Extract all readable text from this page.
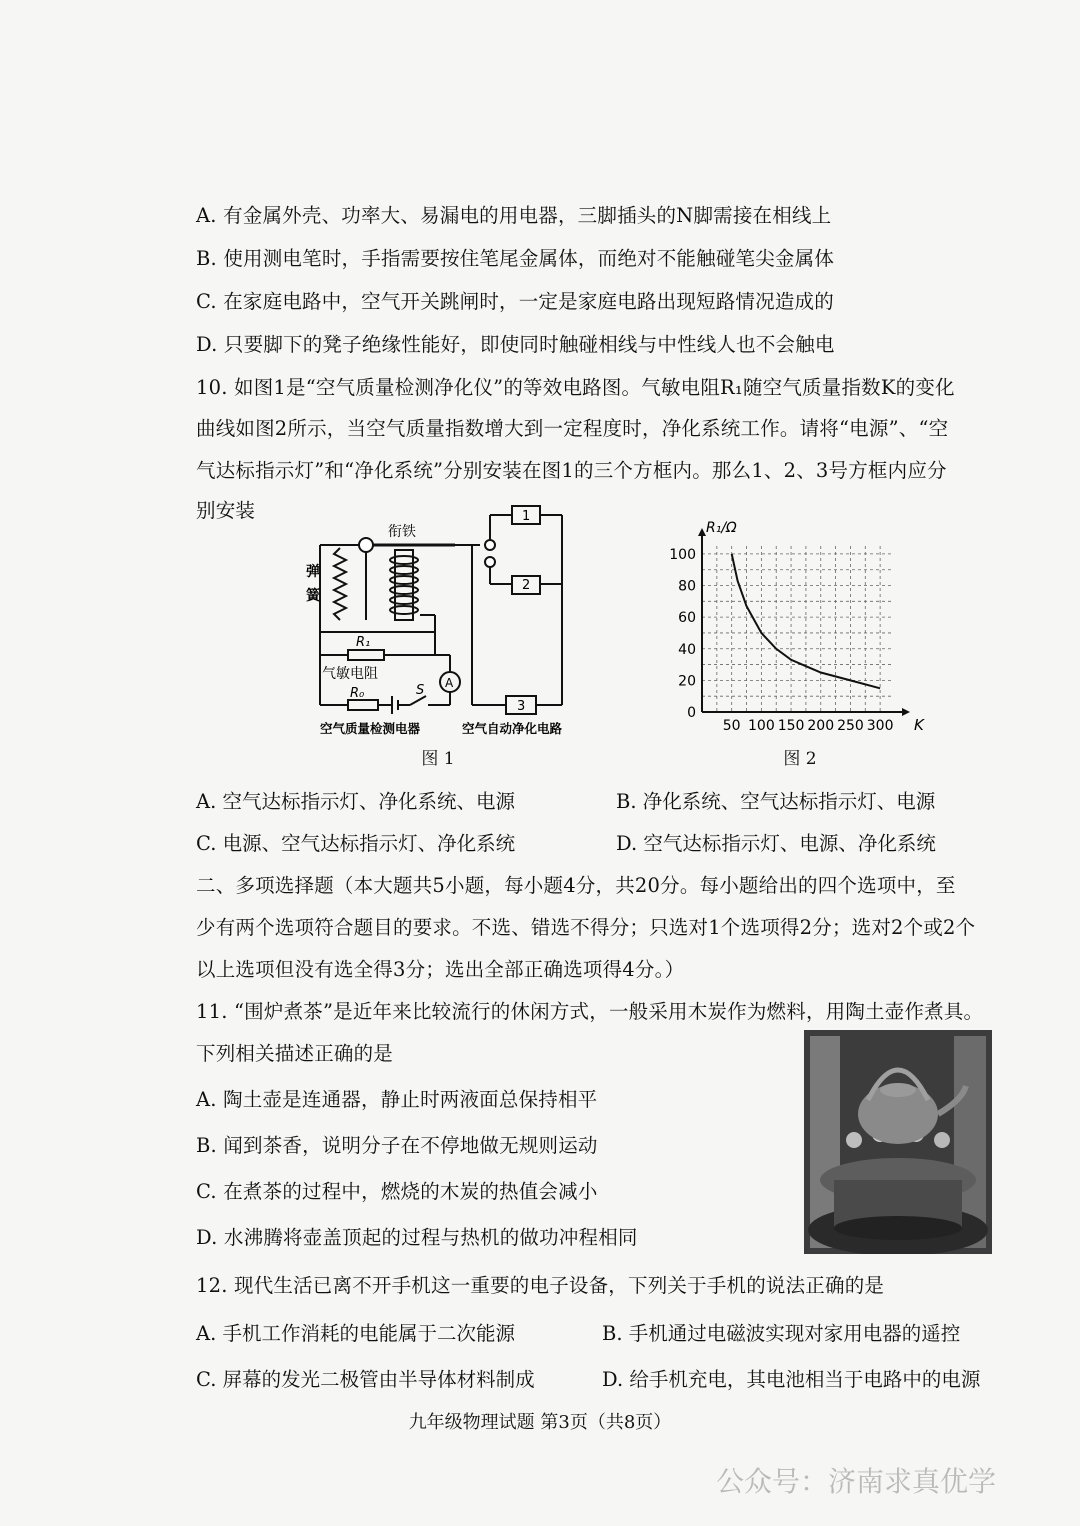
A. 有金属外壳、功率大、易漏电的用电器，三脚插头的N脚需接在相线上
B. 使用测电笔时，手指需要按住笔尾金属体，而绝对不能触碰笔尖金属体
C. 在家庭电路中，空气开关跳闸时，一定是家庭电路出现短路情况造成的
D. 只要脚下的凳子绝缘性能好，即使同时触碰相线与中性线人也不会触电
10. 如图1是“空气质量检测净化仪”的等效电路图。气敏电阻R₁随空气质量指数K的变化
曲线如图2所示，当空气质量指数增大到一定程度时，净化系统工作。请将“电源”、“空
气达标指示灯”和“净化系统”分别安装在图1的三个方框内。那么1、2、3号方框内应分
别安装
衔铁
弹
簧
R₁
气敏电阻
R₀	S A
1
2
3
空气质量检测电器	空气自动净化电路
图 1
0
20
40
60
80
100
50 100 150 200 250 300
R₁/Ω
K
图 2
A. 空气达标指示灯、净化系统、电源	B. 净化系统、空气达标指示灯、电源
C. 电源、空气达标指示灯、净化系统	D. 空气达标指示灯、电源、净化系统
二、多项选择题（本大题共5小题，每小题4分，共20分。每小题给出的四个选项中，至
少有两个选项符合题目的要求。不选、错选不得分；只选对1个选项得2分；选对2个或2个
以上选项但没有选全得3分；选出全部正确选项得4分。）
11. “围炉煮茶”是近年来比较流行的休闲方式，一般采用木炭作为燃料，用陶土壶作煮具。
下列相关描述正确的是
A. 陶土壶是连通器，静止时两液面总保持相平
B. 闻到茶香，说明分子在不停地做无规则运动
C. 在煮茶的过程中，燃烧的木炭的热值会减小
D. 水沸腾将壶盖顶起的过程与热机的做功冲程相同
12. 现代生活已离不开手机这一重要的电子设备，下列关于手机的说法正确的是
A. 手机工作消耗的电能属于二次能源	B. 手机通过电磁波实现对家用电器的遥控
C. 屏幕的发光二极管由半导体材料制成	D. 给手机充电，其电池相当于电路中的电源
九年级物理试题 第3页（共8页）
公众号：济南求真优学
